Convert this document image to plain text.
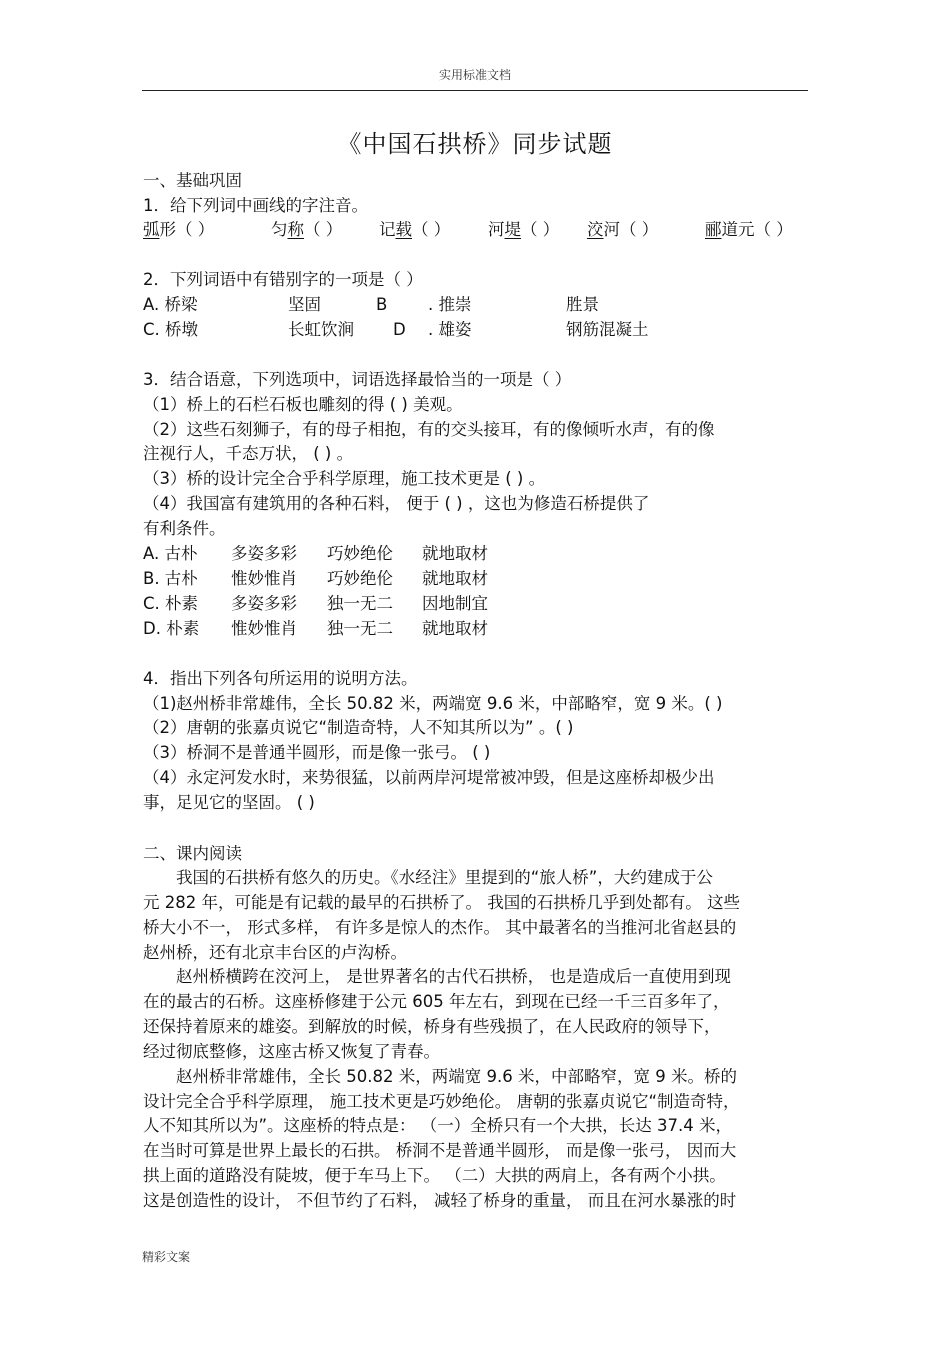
实用标准文档
《中国石拱桥》同步试题
一、基础巩固
1．给下列词中画线的字注音。
弧形（ ）	匀称（ ） 记载（ ） 河堤（ ） 洨河（ ）	郦道元（ ）
2．下列词语中有错别字的一项是（ ）
A. 桥梁	坚固	B . 推崇	胜景
C. 桥墩	长虹饮涧 D . 雄姿	钢筋混凝土
3．结合语意，下列选项中，词语选择最恰当的一项是（ ）
（1）桥上的石栏石板也雕刻的得 ( ) 美观。
（2）这些石刻狮子，有的母子相抱，有的交头接耳，有的像倾听水声，有的像
注视行人，千态万状， ( ) 。
（3）桥的设计完全合乎科学原理，施工技术更是 ( ) 。
（4）我国富有建筑用的各种石料， 便于 ( ) ，这也为修造石桥提供了
有利条件。
A. 古朴 多姿多彩 巧妙绝伦 就地取材
B. 古朴 惟妙惟肖 巧妙绝伦 就地取材
C. 朴素 多姿多彩 独一无二 因地制宜
D. 朴素 惟妙惟肖 独一无二 就地取材
4．指出下列各句所运用的说明方法。
（1)赵州桥非常雄伟，全长 50.82 米，两端宽 9.6 米，中部略窄，宽 9 米。( )
（2）唐朝的张嘉贞说它“制造奇特，人不知其所以为” 。( )
（3）桥洞不是普通半圆形，而是像一张弓。 ( )
（4）永定河发水时，来势很猛，以前两岸河堤常被冲毁，但是这座桥却极少出
事，足见它的坚固。 ( )
二、课内阅读
　　我国的石拱桥有悠久的历史。《水经注》里提到的“旅人桥”，大约建成于公
元 282 年，可能是有记载的最早的石拱桥了。 我国的石拱桥几乎到处都有。 这些
桥大小不一， 形式多样， 有许多是惊人的杰作。 其中最著名的当推河北省赵县的
赵州桥，还有北京丰台区的卢沟桥。
　　赵州桥横跨在洨河上， 是世界著名的古代石拱桥， 也是造成后一直使用到现
在的最古的石桥。这座桥修建于公元 605 年左右，到现在已经一千三百多年了，
还保持着原来的雄姿。到解放的时候，桥身有些残损了，在人民政府的领导下，
经过彻底整修，这座古桥又恢复了青春。
　　赵州桥非常雄伟，全长 50.82 米，两端宽 9.6 米，中部略窄，宽 9 米。桥的
设计完全合乎科学原理， 施工技术更是巧妙绝伦。 唐朝的张嘉贞说它“制造奇特，
人不知其所以为”。这座桥的特点是： （一）全桥只有一个大拱，长达 37.4 米，
在当时可算是世界上最长的石拱。 桥洞不是普通半圆形， 而是像一张弓， 因而大
拱上面的道路没有陡坡，便于车马上下。 （二）大拱的两肩上，各有两个小拱。
这是创造性的设计， 不但节约了石料， 减轻了桥身的重量， 而且在河水暴涨的时
精彩文案
